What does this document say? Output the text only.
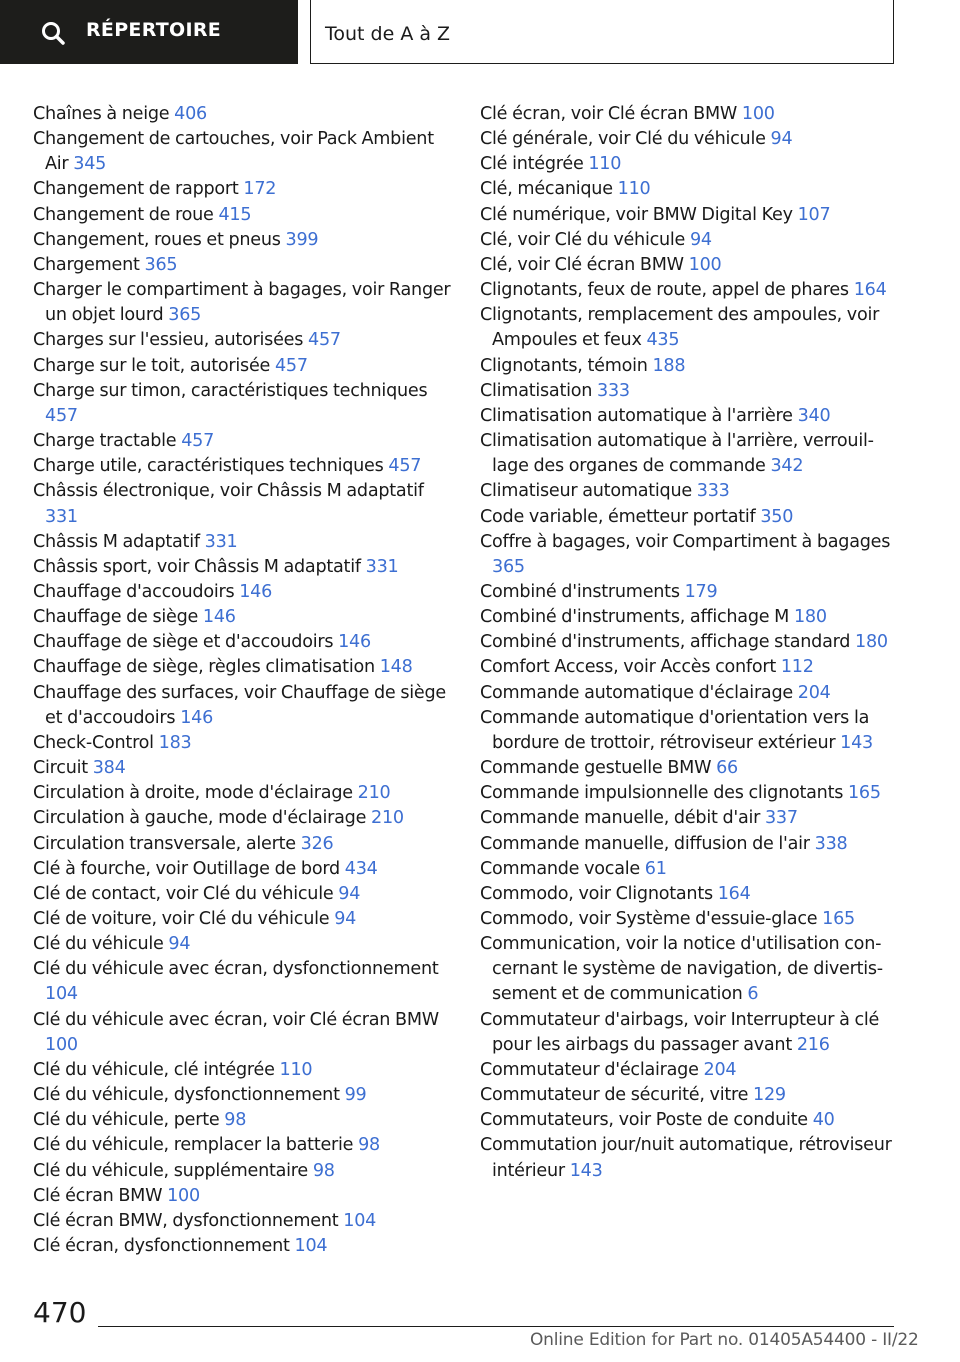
RÉPERTOIRE	Tout de A à Z
Chaînes à neige 406
Changement de cartouches, voir Pack Ambient Air 345
Changement de rapport 172
Changement de roue 415
Changement, roues et pneus 399
Chargement 365
Charger le compartiment à bagages, voir Ranger un objet lourd 365
Charges sur l'essieu, autorisées 457
Charge sur le toit, autorisée 457
Charge sur timon, caractéristiques techniques 457
Charge tractable 457
Charge utile, caractéristiques techniques 457
Châssis électronique, voir Châssis M adaptatif 331
Châssis M adaptatif 331
Châssis sport, voir Châssis M adaptatif 331
Chauffage d'accoudoirs 146
Chauffage de siège 146
Chauffage de siège et d'accoudoirs 146
Chauffage de siège, règles climatisation 148
Chauffage des surfaces, voir Chauffage de siège et d'accoudoirs 146
Check-Control 183
Circuit 384
Circulation à droite, mode d'éclairage 210
Circulation à gauche, mode d'éclairage 210
Circulation transversale, alerte 326
Clé à fourche, voir Outillage de bord 434
Clé de contact, voir Clé du véhicule 94
Clé de voiture, voir Clé du véhicule 94
Clé du véhicule 94
Clé du véhicule avec écran, dysfonctionnement 104
Clé du véhicule avec écran, voir Clé écran BMW 100
Clé du véhicule, clé intégrée 110
Clé du véhicule, dysfonctionnement 99
Clé du véhicule, perte 98
Clé du véhicule, remplacer la batterie 98
Clé du véhicule, supplémentaire 98
Clé écran BMW 100
Clé écran BMW, dysfonctionnement 104
Clé écran, dysfonctionnement 104
Clé écran, voir Clé écran BMW 100
Clé générale, voir Clé du véhicule 94
Clé intégrée 110
Clé, mécanique 110
Clé numérique, voir BMW Digital Key 107
Clé, voir Clé du véhicule 94
Clé, voir Clé écran BMW 100
Clignotants, feux de route, appel de phares 164
Clignotants, remplacement des ampoules, voir Ampoules et feux 435
Clignotants, témoin 188
Climatisation 333
Climatisation automatique à l'arrière 340
Climatisation automatique à l'arrière, verrouillage des organes de commande 342
Climatiseur automatique 333
Code variable, émetteur portatif 350
Coffre à bagages, voir Compartiment à bagages 365
Combiné d'instruments 179
Combiné d'instruments, affichage M 180
Combiné d'instruments, affichage standard 180
Comfort Access, voir Accès confort 112
Commande automatique d'éclairage 204
Commande automatique d'orientation vers la bordure de trottoir, rétroviseur extérieur 143
Commande gestuelle BMW 66
Commande impulsionnelle des clignotants 165
Commande manuelle, débit d'air 337
Commande manuelle, diffusion de l'air 338
Commande vocale 61
Commodo, voir Clignotants 164
Commodo, voir Système d'essuie-glace 165
Communication, voir la notice d'utilisation concernant le système de navigation, de divertissement et de communication 6
Commutateur d'airbags, voir Interrupteur à clé pour les airbags du passager avant 216
Commutateur d'éclairage 204
Commutateur de sécurité, vitre 129
Commutateurs, voir Poste de conduite 40
Commutation jour/nuit automatique, rétroviseur intérieur 143
470
Online Edition for Part no. 01405A54400 - II/22
